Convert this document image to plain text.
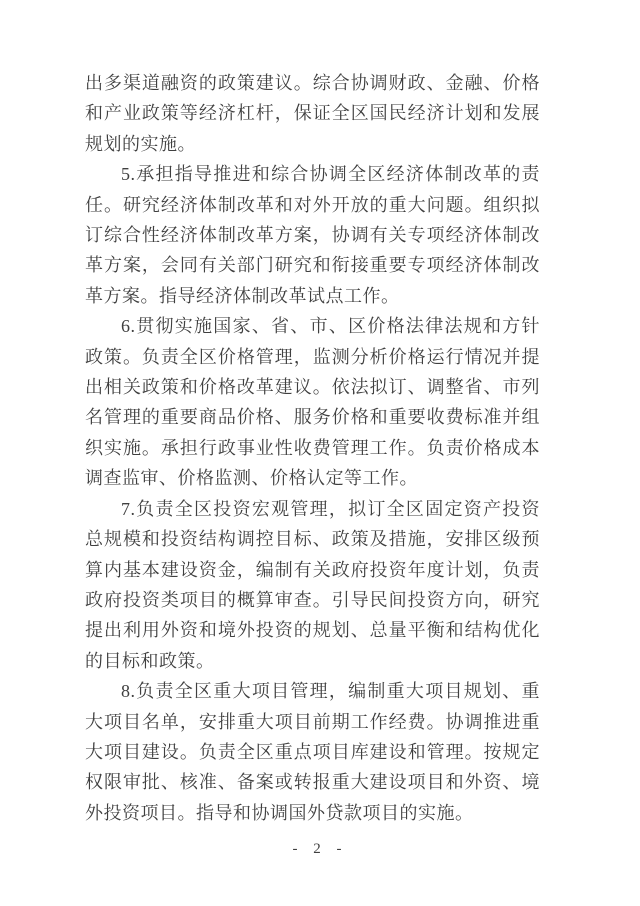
出多渠道融资的政策建议。综合协调财政、金融、价格和产业政策等经济杠杆，保证全区国民经济计划和发展规划的实施。

5.承担指导推进和综合协调全区经济体制改革的责任。研究经济体制改革和对外开放的重大问题。组织拟订综合性经济体制改革方案，协调有关专项经济体制改革方案，会同有关部门研究和衔接重要专项经济体制改革方案。指导经济体制改革试点工作。

6.贯彻实施国家、省、市、区价格法律法规和方针政策。负责全区价格管理，监测分析价格运行情况并提出相关政策和价格改革建议。依法拟订、调整省、市列名管理的重要商品价格、服务价格和重要收费标准并组织实施。承担行政事业性收费管理工作。负责价格成本调查监审、价格监测、价格认定等工作。

7.负责全区投资宏观管理，拟订全区固定资产投资总规模和投资结构调控目标、政策及措施，安排区级预算内基本建设资金，编制有关政府投资年度计划，负责政府投资类项目的概算审查。引导民间投资方向，研究提出利用外资和境外投资的规划、总量平衡和结构优化的目标和政策。

8.负责全区重大项目管理，编制重大项目规划、重大项目名单，安排重大项目前期工作经费。协调推进重大项目建设。负责全区重点项目库建设和管理。按规定权限审批、核准、备案或转报重大建设项目和外资、境外投资项目。指导和协调国外贷款项目的实施。

- 2 -
